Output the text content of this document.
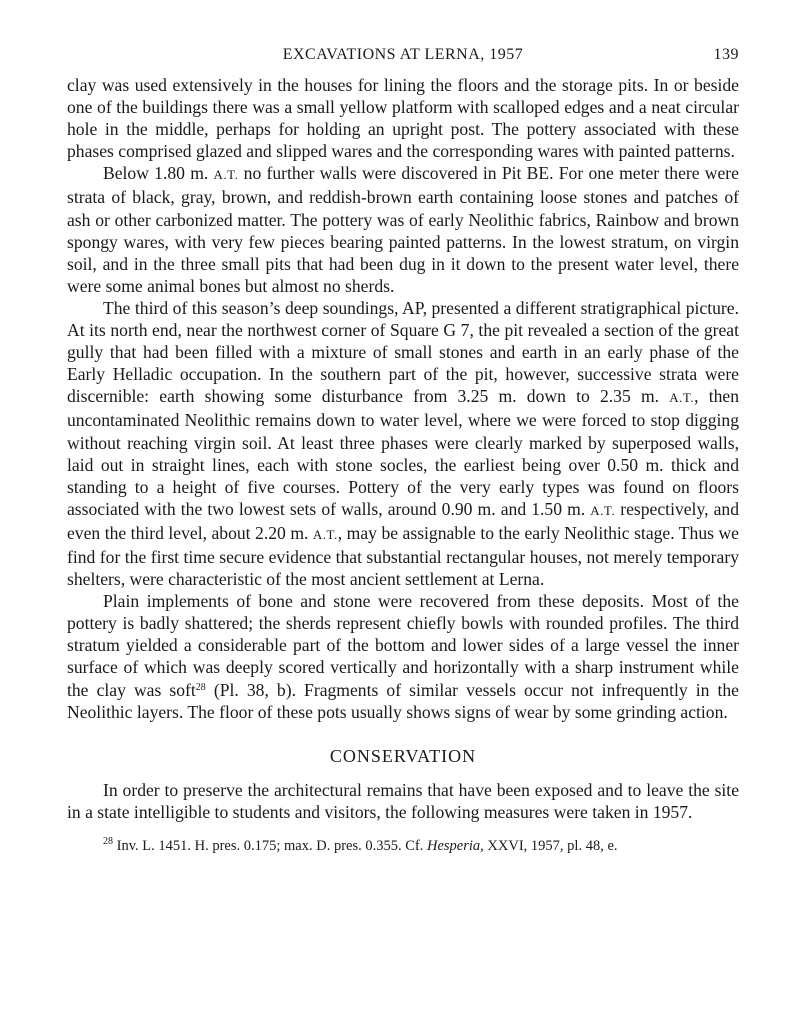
EXCAVATIONS AT LERNA, 1957	139

clay was used extensively in the houses for lining the floors and the storage pits. In or beside one of the buildings there was a small yellow platform with scalloped edges and a neat circular hole in the middle, perhaps for holding an upright post. The pottery associated with these phases comprised glazed and slipped wares and the corresponding wares with painted patterns.

Below 1.80 m. A.T. no further walls were discovered in Pit BE. For one meter there were strata of black, gray, brown, and reddish-brown earth containing loose stones and patches of ash or other carbonized matter. The pottery was of early Neolithic fabrics, Rainbow and brown spongy wares, with very few pieces bearing painted patterns. In the lowest stratum, on virgin soil, and in the three small pits that had been dug in it down to the present water level, there were some animal bones but almost no sherds.

The third of this season’s deep soundings, AP, presented a different stratigraphical picture. At its north end, near the northwest corner of Square G 7, the pit revealed a section of the great gully that had been filled with a mixture of small stones and earth in an early phase of the Early Helladic occupation. In the southern part of the pit, however, successive strata were discernible: earth showing some disturbance from 3.25 m. down to 2.35 m. A.T., then uncontaminated Neolithic remains down to water level, where we were forced to stop digging without reaching virgin soil. At least three phases were clearly marked by superposed walls, laid out in straight lines, each with stone socles, the earliest being over 0.50 m. thick and standing to a height of five courses. Pottery of the very early types was found on floors associated with the two lowest sets of walls, around 0.90 m. and 1.50 m. A.T. respectively, and even the third level, about 2.20 m. A.T., may be assignable to the early Neolithic stage. Thus we find for the first time secure evidence that substantial rectangular houses, not merely temporary shelters, were characteristic of the most ancient settlement at Lerna.

Plain implements of bone and stone were recovered from these deposits. Most of the pottery is badly shattered; the sherds represent chiefly bowls with rounded profiles. The third stratum yielded a considerable part of the bottom and lower sides of a large vessel the inner surface of which was deeply scored vertically and horizontally with a sharp instrument while the clay was soft$^{28}$ (Pl. 38, b). Fragments of similar vessels occur not infrequently in the Neolithic layers. The floor of these pots usually shows signs of wear by some grinding action.

CONSERVATION

In order to preserve the architectural remains that have been exposed and to leave the site in a state intelligible to students and visitors, the following measures were taken in 1957.

$^{28}$ Inv. L. 1451. H. pres. 0.175; max. D. pres. 0.355. Cf. Hesperia, XXVI, 1957, pl. 48, e.
